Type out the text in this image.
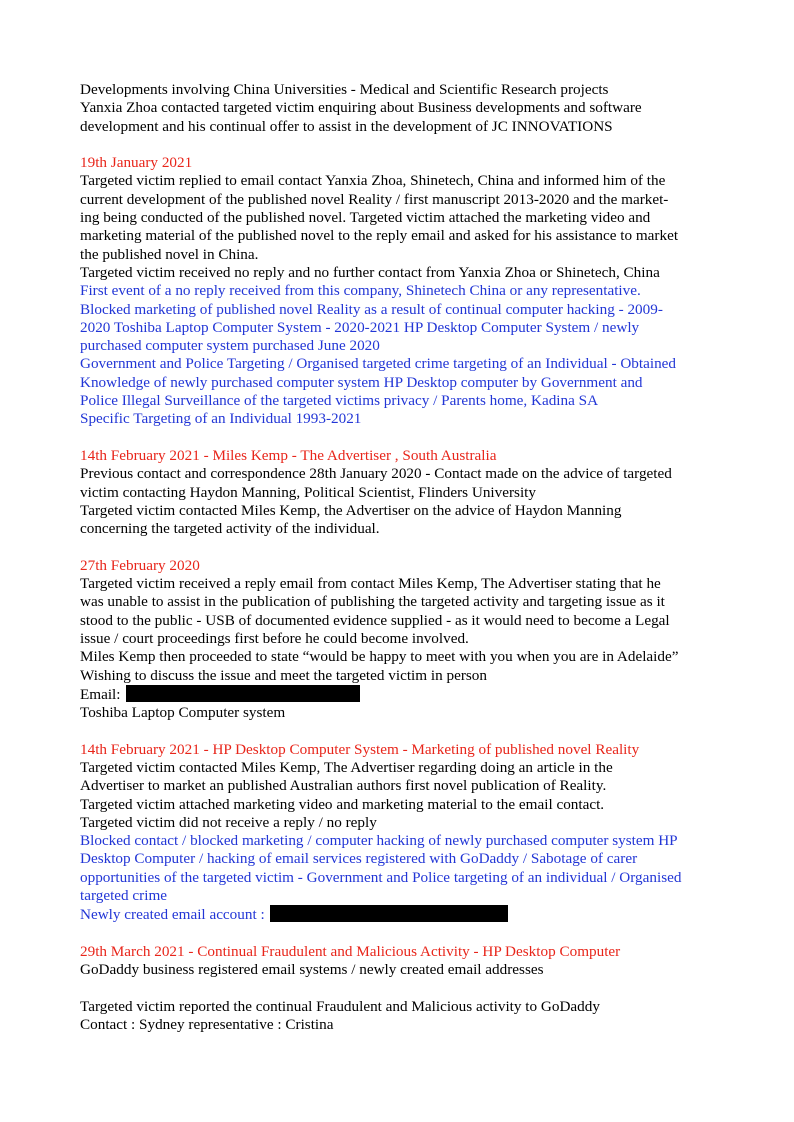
Developments involving China Universities - Medical and Scientific Research projects
Yanxia Zhoa contacted targeted victim enquiring about Business developments and software
development and his continual offer to assist in the development of JC INNOVATIONS
19th January 2021
Targeted victim replied to email contact Yanxia Zhoa, Shinetech, China and informed him of the
current development of the published novel Reality / first manuscript 2013-2020 and the market-
ing being conducted of the published novel. Targeted victim attached the marketing video and
marketing material of the published novel to the reply email and asked for his assistance to market
the published novel in China.
Targeted victim received no reply and no further contact from Yanxia Zhoa or Shinetech, China
First event of a no reply received from this company, Shinetech China or any representative.
Blocked marketing of published novel Reality as a result of continual computer hacking - 2009-
2020 Toshiba Laptop Computer System - 2020-2021 HP Desktop Computer System / newly
purchased computer system purchased June 2020
Government and Police Targeting / Organised targeted crime targeting of an Individual - Obtained
Knowledge of newly purchased computer system HP Desktop computer by Government and
Police Illegal Surveillance of the targeted victims privacy / Parents home, Kadina SA
Specific Targeting of an Individual 1993-2021
14th February 2021 - Miles Kemp - The Advertiser , South Australia
Previous contact and correspondence 28th January 2020 - Contact made on the advice of targeted
victim contacting Haydon Manning, Political Scientist, Flinders University
Targeted victim contacted Miles Kemp, the Advertiser on the advice of Haydon Manning
concerning the targeted activity of the individual.
27th February 2020
Targeted victim received a reply email from contact Miles Kemp, The Advertiser stating that he
was unable to assist in the publication of publishing the targeted activity and targeting issue as it
stood to the public - USB of documented evidence supplied - as it would need to become a Legal
issue / court proceedings first before he could become involved.
Miles Kemp then proceeded to state “would be happy to meet with you when you are in Adelaide”
Wishing to discuss the issue and meet the targeted victim in person
Email:
Toshiba Laptop Computer system
14th February 2021 - HP Desktop Computer System - Marketing of published novel Reality
Targeted victim contacted Miles Kemp, The Advertiser regarding doing an article in the
Advertiser to market an published Australian authors first novel publication of Reality.
Targeted victim attached marketing video and marketing material to the email contact.
Targeted victim did not receive a reply / no reply
Blocked contact / blocked marketing / computer hacking of newly purchased computer system HP
Desktop Computer / hacking of email services registered with GoDaddy / Sabotage of carer
opportunities of the targeted victim - Government and Police targeting of an individual / Organised
targeted crime
Newly created email account :
29th March 2021 - Continual Fraudulent and Malicious Activity - HP Desktop Computer
GoDaddy business registered email systems / newly created email addresses
Targeted victim reported the continual Fraudulent and Malicious activity to GoDaddy
Contact : Sydney representative : Cristina
